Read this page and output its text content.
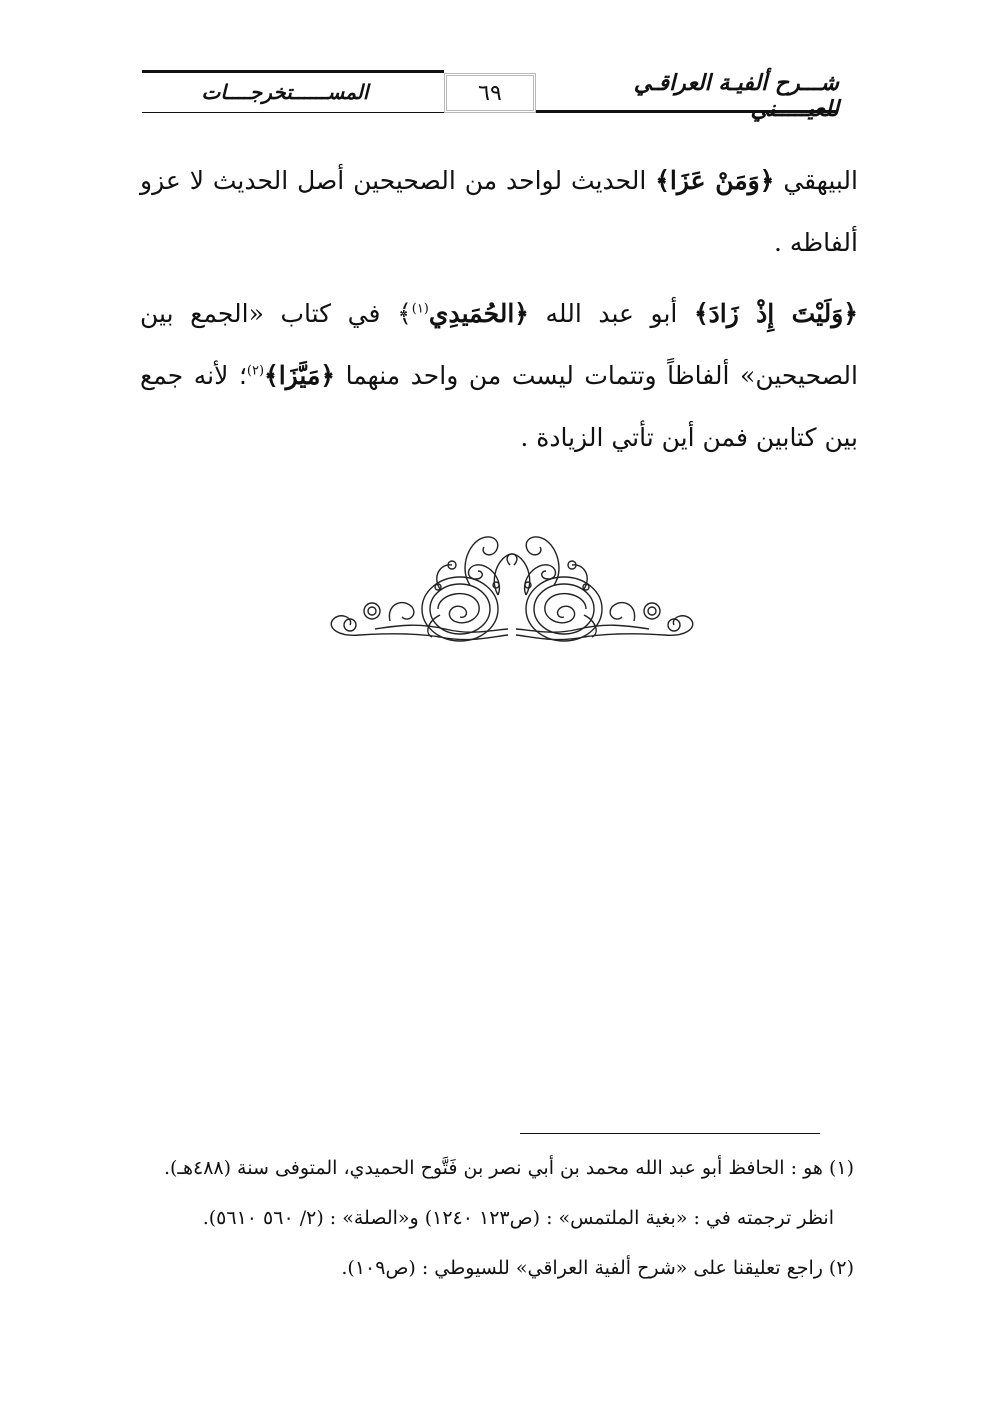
شـــرح ألفيـة العراقـي للعيـــــني
٦٩
المســــــتخرجــــات
البيهقي ﴿وَمَنْ عَزَا﴾ الحديث لواحد من الصحيحين أصل الحديث لا عزو ألفاظه .
﴿وَلَيْتَ إِذْ زَادَ﴾ أبو عبد الله ﴿الحُمَيدِي$^{(١)}$﴾ في كتاب «الجمع بين الصحيحين» ألفاظاً وتتمات ليست من واحد منهما ﴿مَيَّزَا﴾$^{(٢)}$؛ لأنه جمع بين كتابين فمن أين تأتي الزيادة .
(١) هو : الحافظ أبو عبد الله محمد بن أبي نصر بن فَتَّوح الحميدي، المتوفى سنة (٤٨٨هـ).
انظر ترجمته في : «بغية الملتمس» : (ص١٢٣ ١٢٤٠) و«الصلة» : (٢/ ٥٦٠ ٥٦١٠).
(٢) راجع تعليقنا على «شرح ألفية العراقي» للسيوطي : (ص١٠٩).
